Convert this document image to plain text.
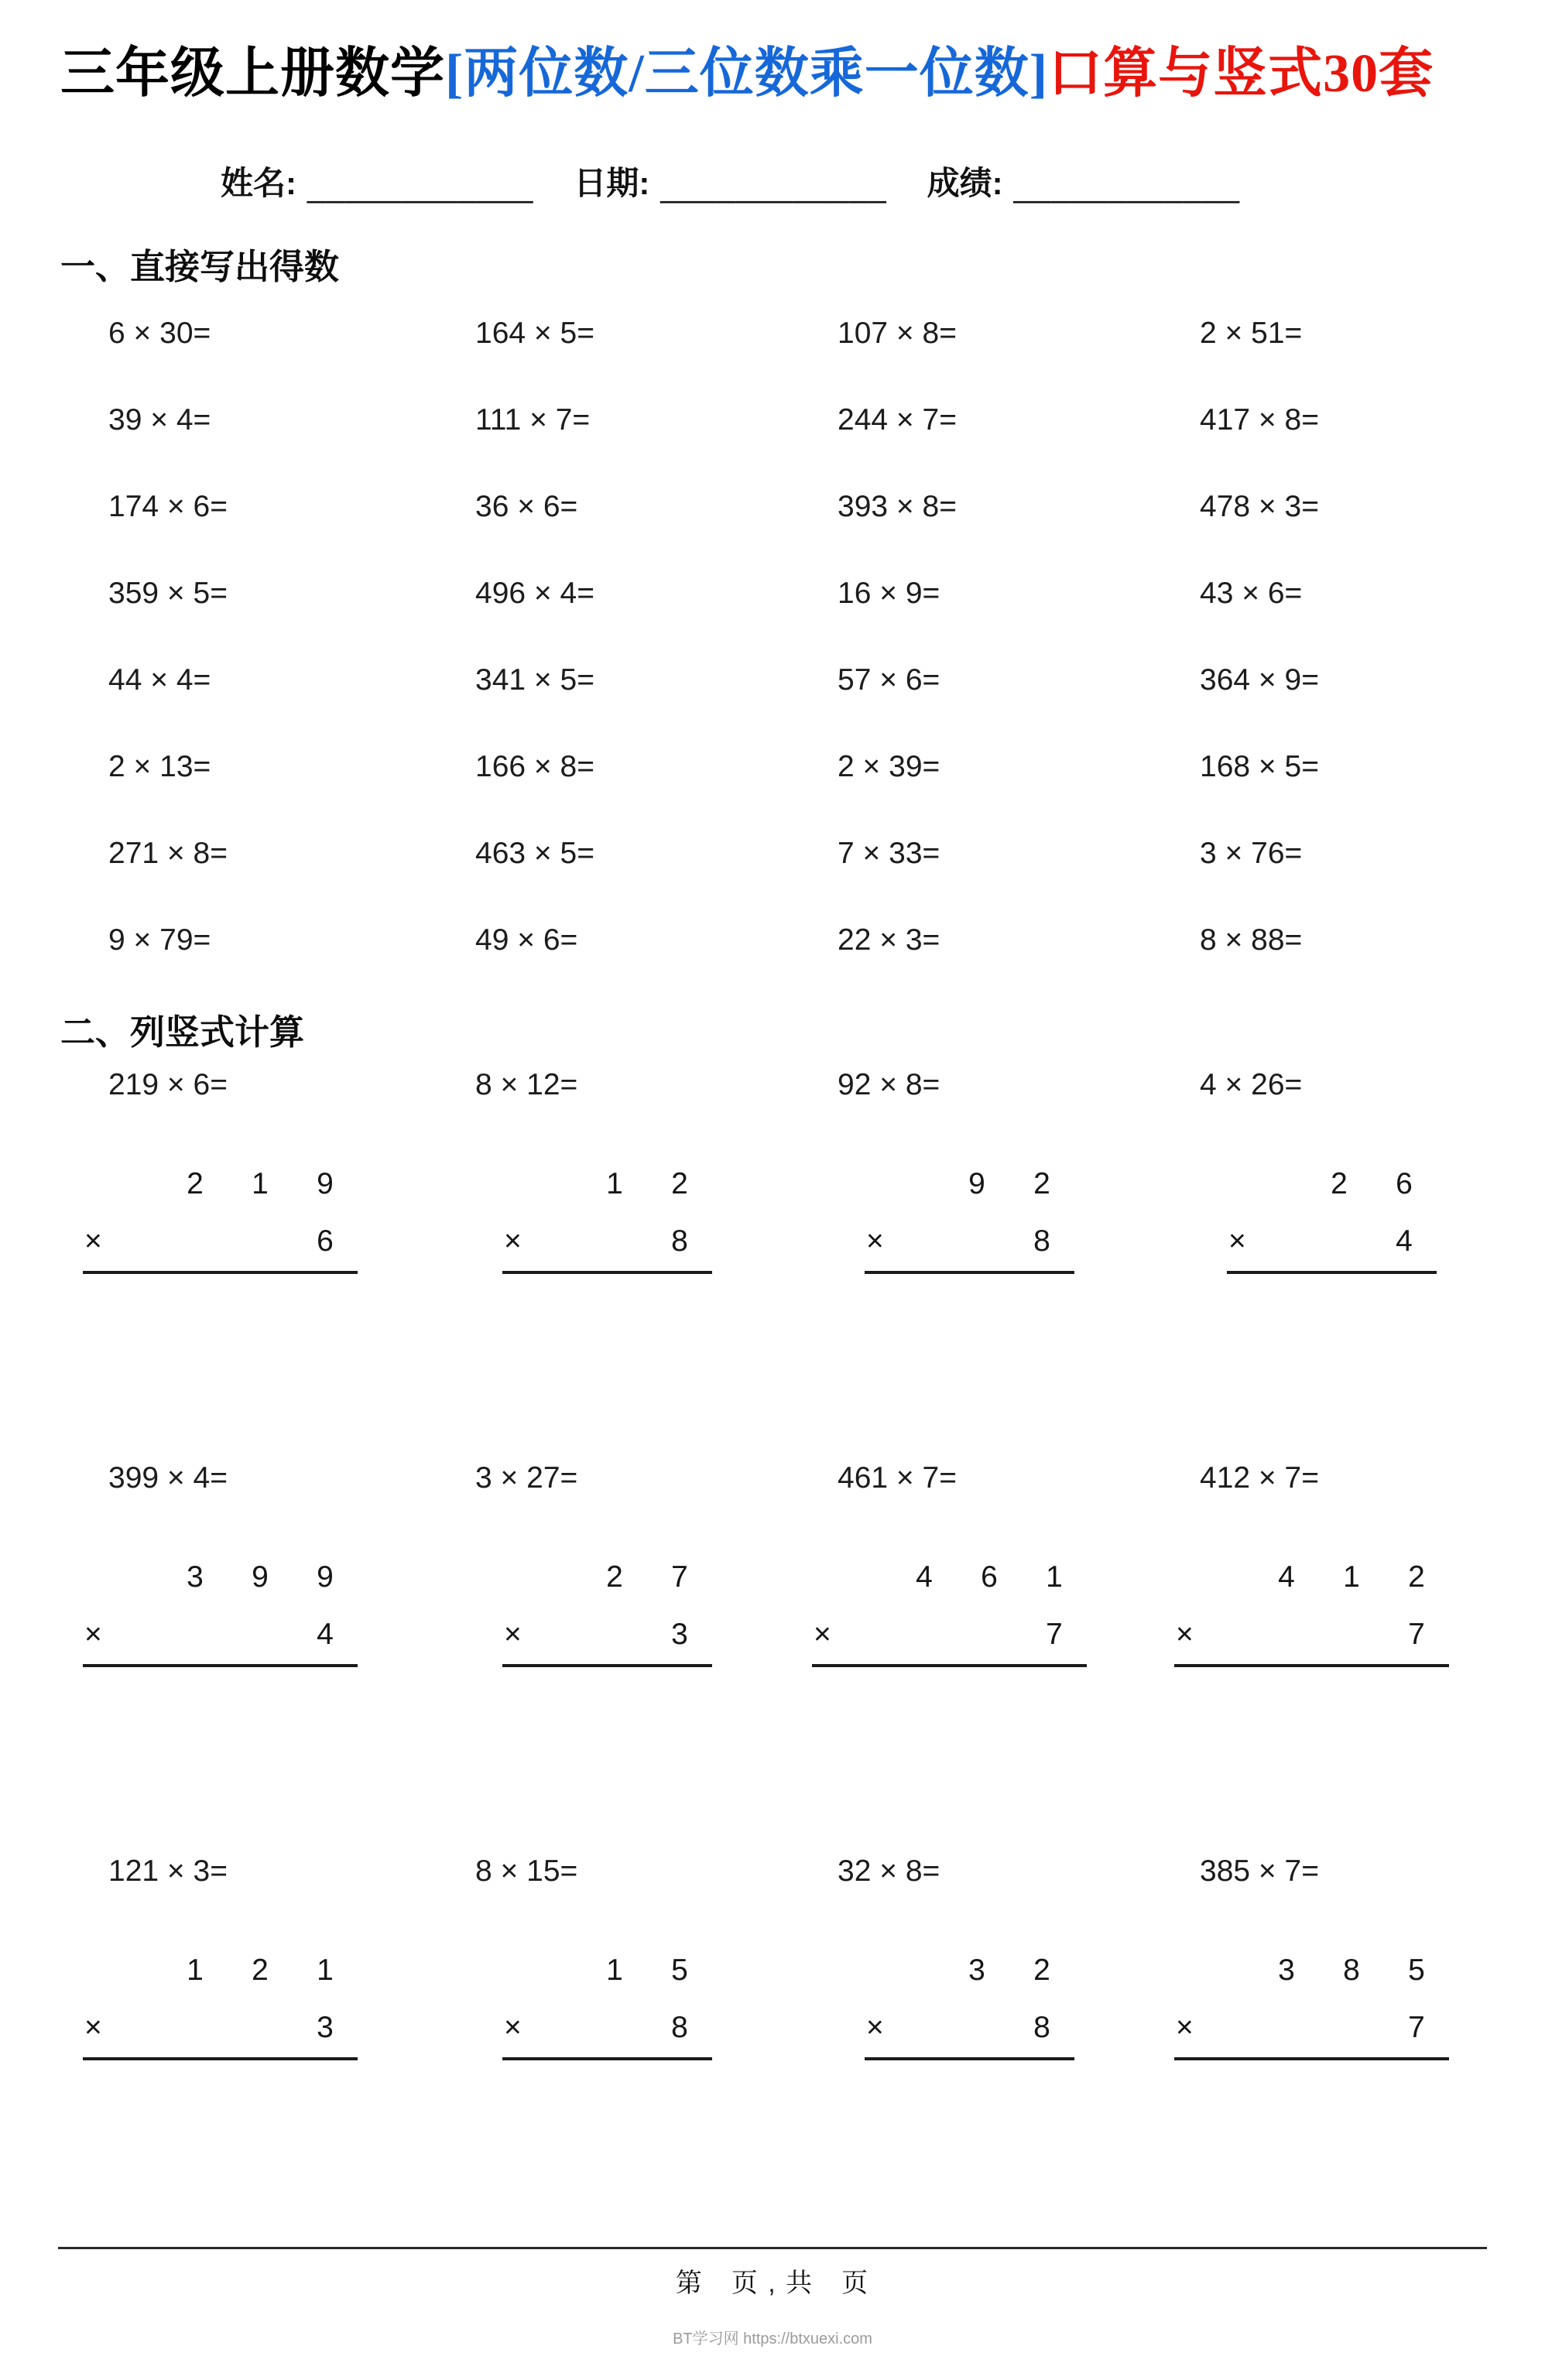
三年级上册数学[两位数/三位数乘一位数]口算与竖式30套
姓名: ____________ 日期: ____________ 成绩: ____________
一、直接写出得数
6 × 30=	164 × 5=	107 × 8=	2 × 51=
39 × 4=	111 × 7=	244 × 7=	417 × 8=
174 × 6=	36 × 6=	393 × 8=	478 × 3=
359 × 5=	496 × 4=	16 × 9=	43 × 6=
44 × 4=	341 × 5=	57 × 6=	364 × 9=
2 × 13=	166 × 8=	2 × 39=	168 × 5=
271 × 8=	463 × 5=	7 × 33=	3 × 76=
9 × 79=	49 × 6=	22 × 3=	8 × 88=
二、列竖式计算
219 × 6=
2	1	9
×	6
8 × 12=
1	2
×	8
92 × 8=
9	2
×	8
4 × 26=
2	6
×	4
399 × 4=
3	9	9
×	4
3 × 27=
2	7
×	3
461 × 7=
4	6	1
×	7
412 × 7=
4	1	2
×	7
121 × 3=
1	2	1
×	3
8 × 15=
1	5
×	8
32 × 8=
3	2
×	8
385 × 7=
3	8	5
×	7
第　页 , 共　页
BT学习网 https://btxuexi.com
